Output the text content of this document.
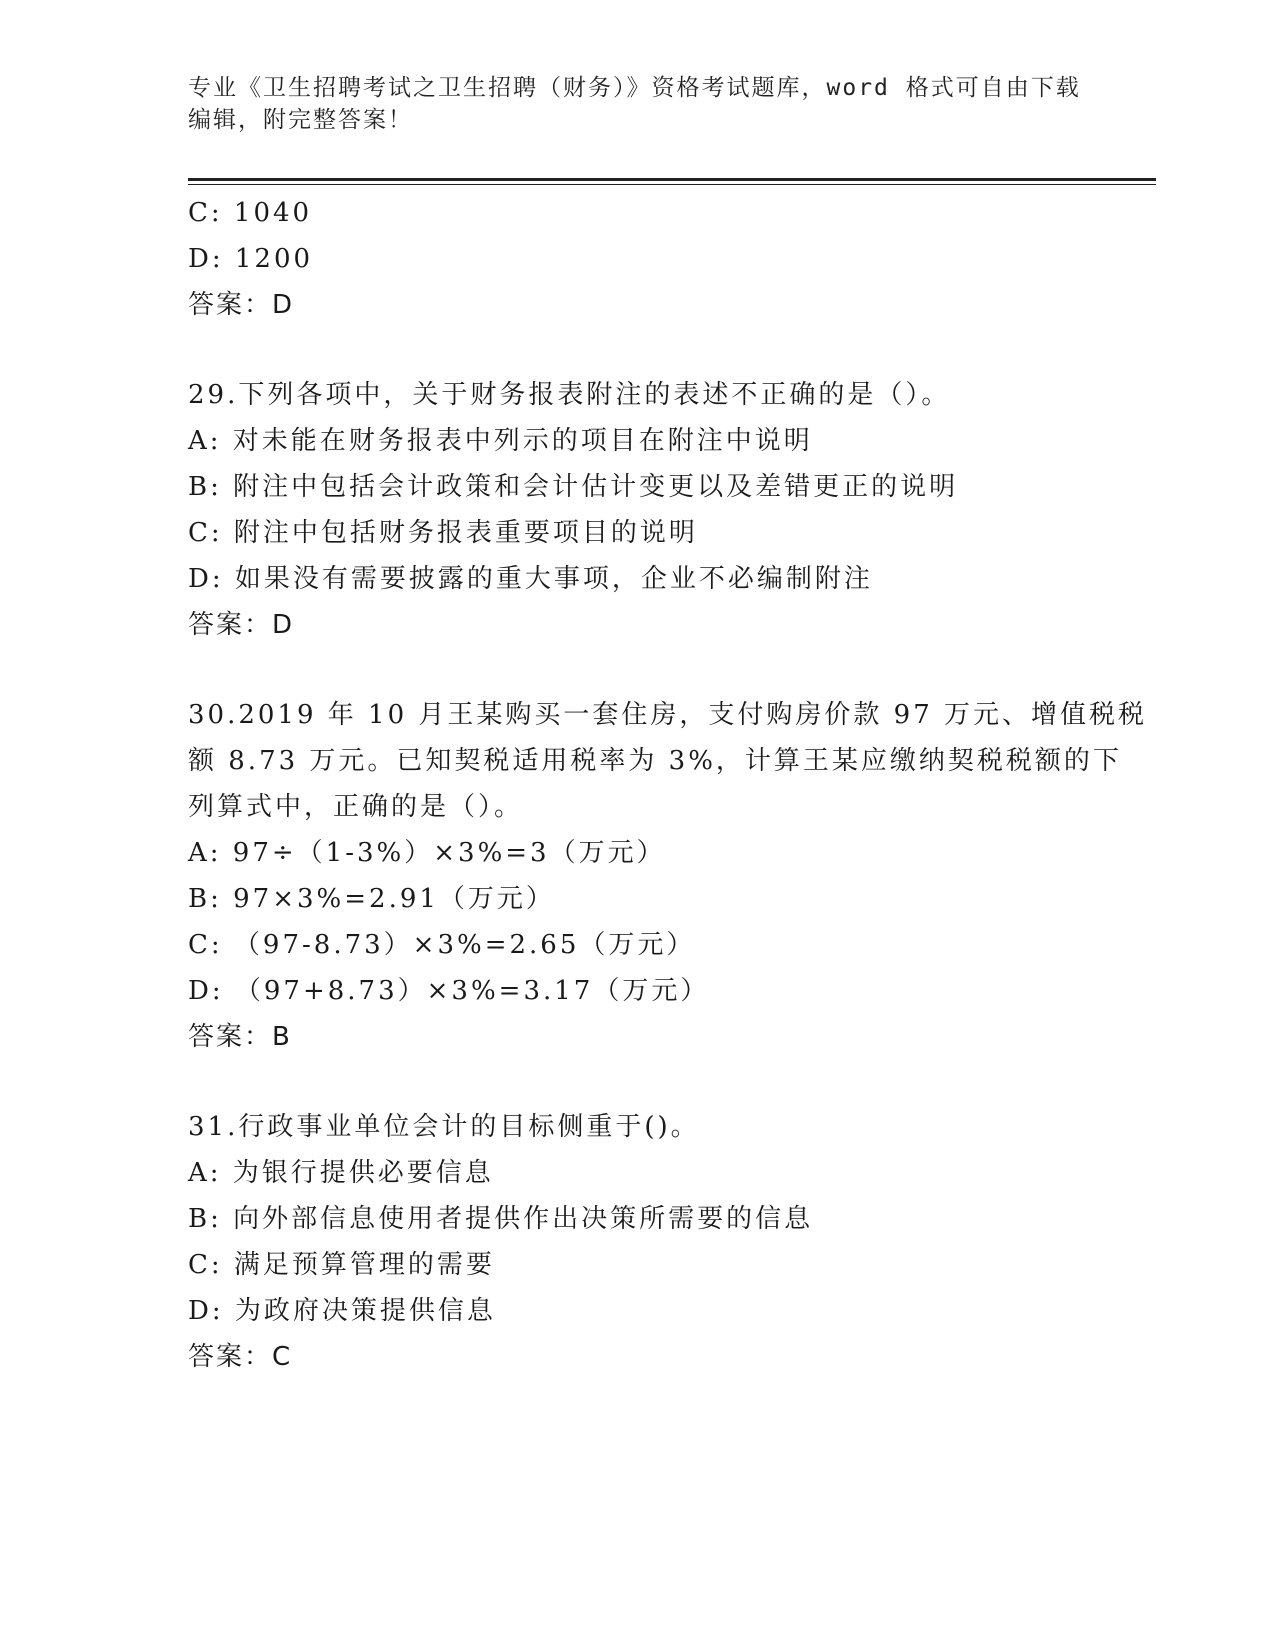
专业《卫生招聘考试之卫生招聘（财务）》资格考试题库，word 格式可自由下载
编辑，附完整答案！
C: 1040
D: 1200
答案：D
29.下列各项中，关于财务报表附注的表述不正确的是（）。
A: 对未能在财务报表中列示的项目在附注中说明
B: 附注中包括会计政策和会计估计变更以及差错更正的说明
C: 附注中包括财务报表重要项目的说明
D: 如果没有需要披露的重大事项，企业不必编制附注
答案：D
30.2019 年 10 月王某购买一套住房，支付购房价款 97 万元、增值税税
额 8.73 万元。已知契税适用税率为 3%，计算王某应缴纳契税税额的下
列算式中，正确的是（）。
A: 97÷（1-3%）×3%=3（万元）
B: 97×3%=2.91（万元）
C: （97-8.73）×3%=2.65（万元）
D: （97+8.73）×3%=3.17（万元）
答案：B
31.行政事业单位会计的目标侧重于()。
A: 为银行提供必要信息
B: 向外部信息使用者提供作出决策所需要的信息
C: 满足预算管理的需要
D: 为政府决策提供信息
答案：C
